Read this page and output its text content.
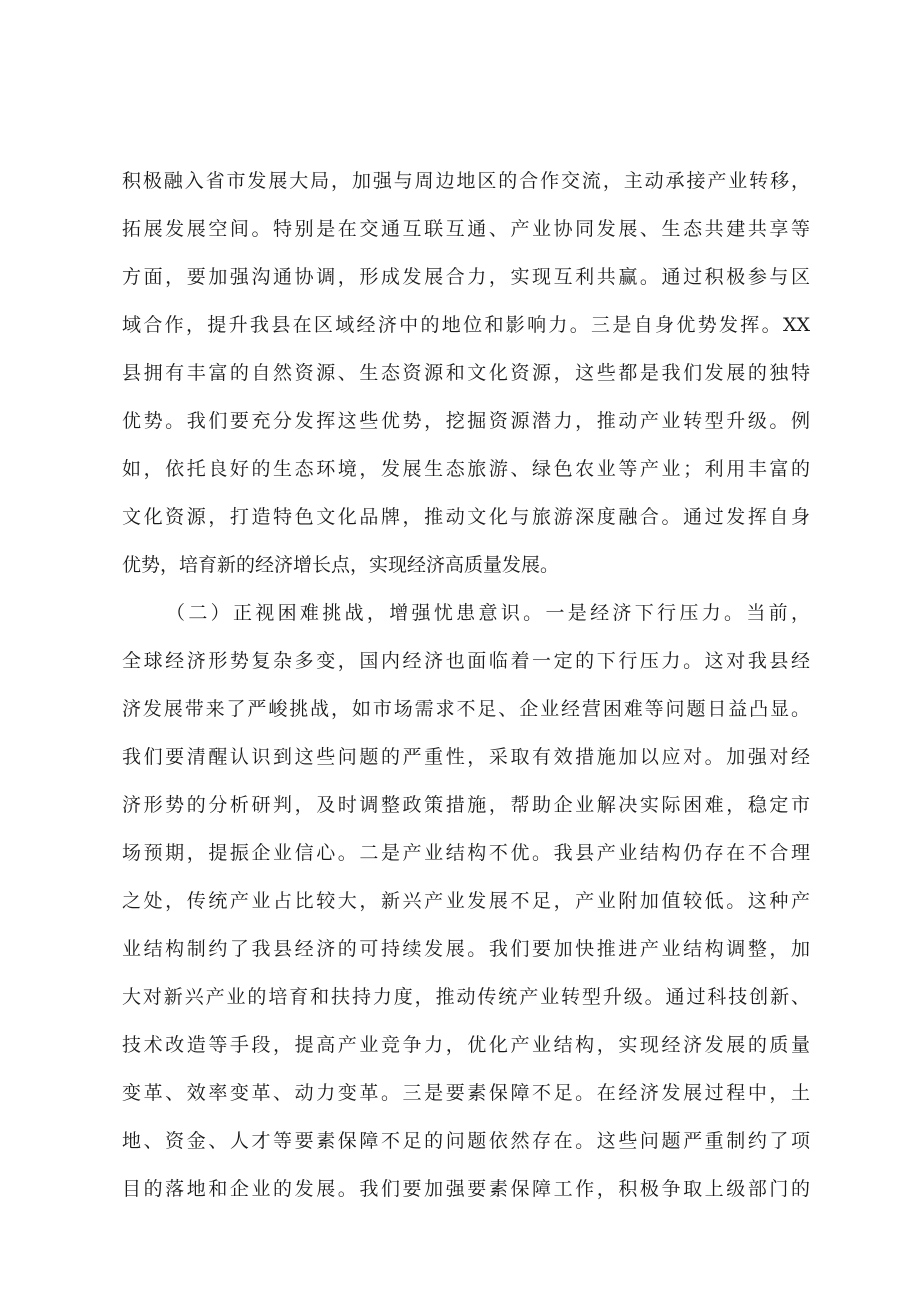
积极融入省市发展大局，加强与周边地区的合作交流，主动承接产业转移，
拓展发展空间。特别是在交通互联互通、产业协同发展、生态共建共享等
方面，要加强沟通协调，形成发展合力，实现互利共赢。通过积极参与区
域合作，提升我县在区域经济中的地位和影响力。三是自身优势发挥。XX
县拥有丰富的自然资源、生态资源和文化资源，这些都是我们发展的独特
优势。我们要充分发挥这些优势，挖掘资源潜力，推动产业转型升级。例
如，依托良好的生态环境，发展生态旅游、绿色农业等产业；利用丰富的
文化资源，打造特色文化品牌，推动文化与旅游深度融合。通过发挥自身
优势，培育新的经济增长点，实现经济高质量发展。
（二）正视困难挑战，增强忧患意识。一是经济下行压力。当前，
全球经济形势复杂多变，国内经济也面临着一定的下行压力。这对我县经
济发展带来了严峻挑战，如市场需求不足、企业经营困难等问题日益凸显。
我们要清醒认识到这些问题的严重性，采取有效措施加以应对。加强对经
济形势的分析研判，及时调整政策措施，帮助企业解决实际困难，稳定市
场预期，提振企业信心。二是产业结构不优。我县产业结构仍存在不合理
之处，传统产业占比较大，新兴产业发展不足，产业附加值较低。这种产
业结构制约了我县经济的可持续发展。我们要加快推进产业结构调整，加
大对新兴产业的培育和扶持力度，推动传统产业转型升级。通过科技创新、
技术改造等手段，提高产业竞争力，优化产业结构，实现经济发展的质量
变革、效率变革、动力变革。三是要素保障不足。在经济发展过程中，土
地、资金、人才等要素保障不足的问题依然存在。这些问题严重制约了项
目的落地和企业的发展。我们要加强要素保障工作，积极争取上级部门的
